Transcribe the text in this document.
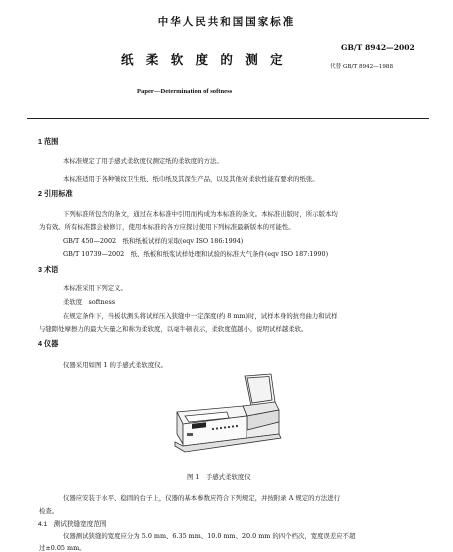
中华人民共和国国家标准
GB/T 8942—2002
纸 柔 软 度 的 测 定	代替 GB/T 8942—1988
Paper—Determination of softness
1 范围
本标准规定了用手感式柔软度仪测定纸的柔软度的方法。
本标准适用于各种皱纹卫生纸、纸巾纸及其深生产品，以及其他对柔软性能有要求的纸张。
2 引用标准
下列标准所包含的条文，通过在本标准中引用而构成为本标准的条文。本标准出版时，所示版本均
为有效。所有标准都会被修订，使用本标准的各方应探讨使用下列标准最新版本的可能性。
GB/T 450—2002　纸和纸板试样的采取(eqv ISO 186:1994)
GB/T 10739—2002　纸、纸板和纸浆试样处理和试验的标准大气条件(eqv ISO 187:1990)
3 术语
本标准采用下列定义。
柔软度　softness
在规定条件下，当板状测头将试样压入狭缝中一定深度(约 8 mm)时，试样本身的抗弯曲力和试样
与缝隙处摩擦力的最大矢量之和称为柔软度，以毫牛顿表示，柔软度值越小，说明试样越柔软。
4 仪器
仪器采用如图 1 的手感式柔软度仪。
图 1　手感式柔软度仪
仪器应安装于水平、稳固的台子上，仪器的基本参数应符合下列规定，并按附录 A 规定的方法进行
检查。
4.1　测试狭缝宽度范围
仪器测试狭缝的宽度应分为 5.0 mm、6.35 mm、10.0 mm、20.0 mm 的四个档次，宽度误差应不超
过±0.05 mm。
